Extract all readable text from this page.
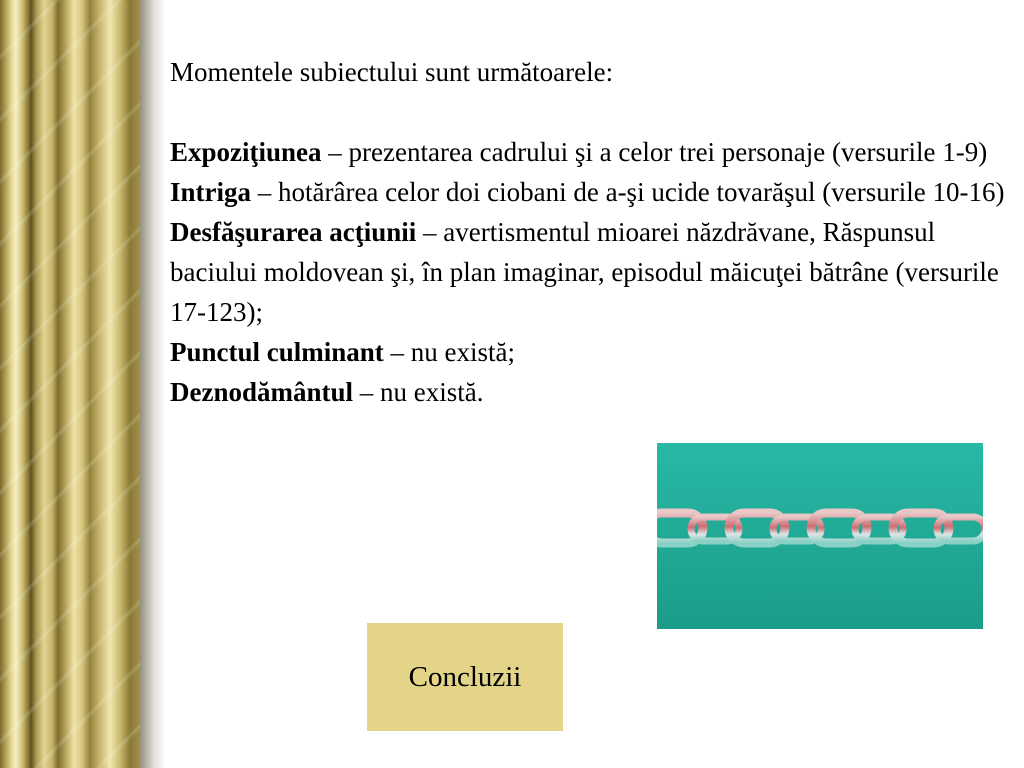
Momentele subiectului sunt următoarele:

Expoziţiunea – prezentarea cadrului şi a celor trei personaje (versurile 1-9)

Intriga – hotărârea celor doi ciobani de a-şi ucide tovarăşul (versurile 10-16)

Desfăşurarea acţiunii – avertismentul mioarei năzdrăvane, Răspunsul baciului moldovean şi, în plan imaginar, episodul măicuţei bătrâne (versurile 17-123);

Punctul culminant – nu există;

Deznodământul – nu există.

Concluzii
